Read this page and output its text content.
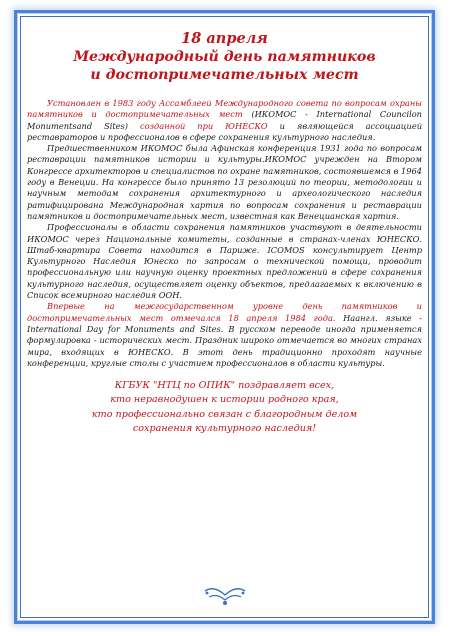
18 апреля
Международный день памятников
и достопримечательных мест

Установлен в 1983 году Ассамблеей Международного совета по вопросам охраны памятников и достопримечательных мест (ИКОМОС - International Councilon Monumentsand Sites) созданной при ЮНЕСКО и являющейся ассоциацией реставраторов и профессионалов в сфере сохранения культурного наследия.

Предшественником ИКОМОС была Афинская конференция 1931 года по вопросам реставрации памятников истории и культуры.ИКОМОС учрежден на Втором Конгрессе архитекторов и специалистов по охране памятников, состоявшемся в 1964 году в Венеции. На конгрессе было принято 13 резолюций по теории, методологии и научным методам сохранения архитектурного и археологического наследия ратифицирована Международная хартия по вопросам сохранения и реставрации памятников и достопримечательных мест, известная как Венецианская хартия.

Профессионалы в области сохранения памятников участвуют в деятельности ИКОМОС через Национальные комитеты, созданные в странах-членах ЮНЕСКО. Штаб-квартира Совета находится в Париже. ICOMOS консультирует Центр Культурного Наследия Юнеско по запросам о технической помощи, проводит профессиональную или научную оценку проектных предложений в сфере сохранения культурного наследия, осуществляет оценку объектов, предлагаемых к включению в Список всемирного наследия ООН.

Впервые на межгосударственном уровне день памятников и достопримечательных мест отмечался 18 апреля 1984 года. Наангл. языке - International Day for Monuments and Sites. В русском переводе иногда применяется формулировка - исторических мест. Праздник широко отмечается во многих странах мира, входящих в ЮНЕСКО. В этот день традиционно проходят научные конференции, круглые столы с участием профессионалов в области культуры.

КГБУК "НТЦ по ОПИК" поздравляет всех,
кто неравнодушен к истории родного края,
кто профессионально связан с благородным делом
сохранения культурного наследия!
